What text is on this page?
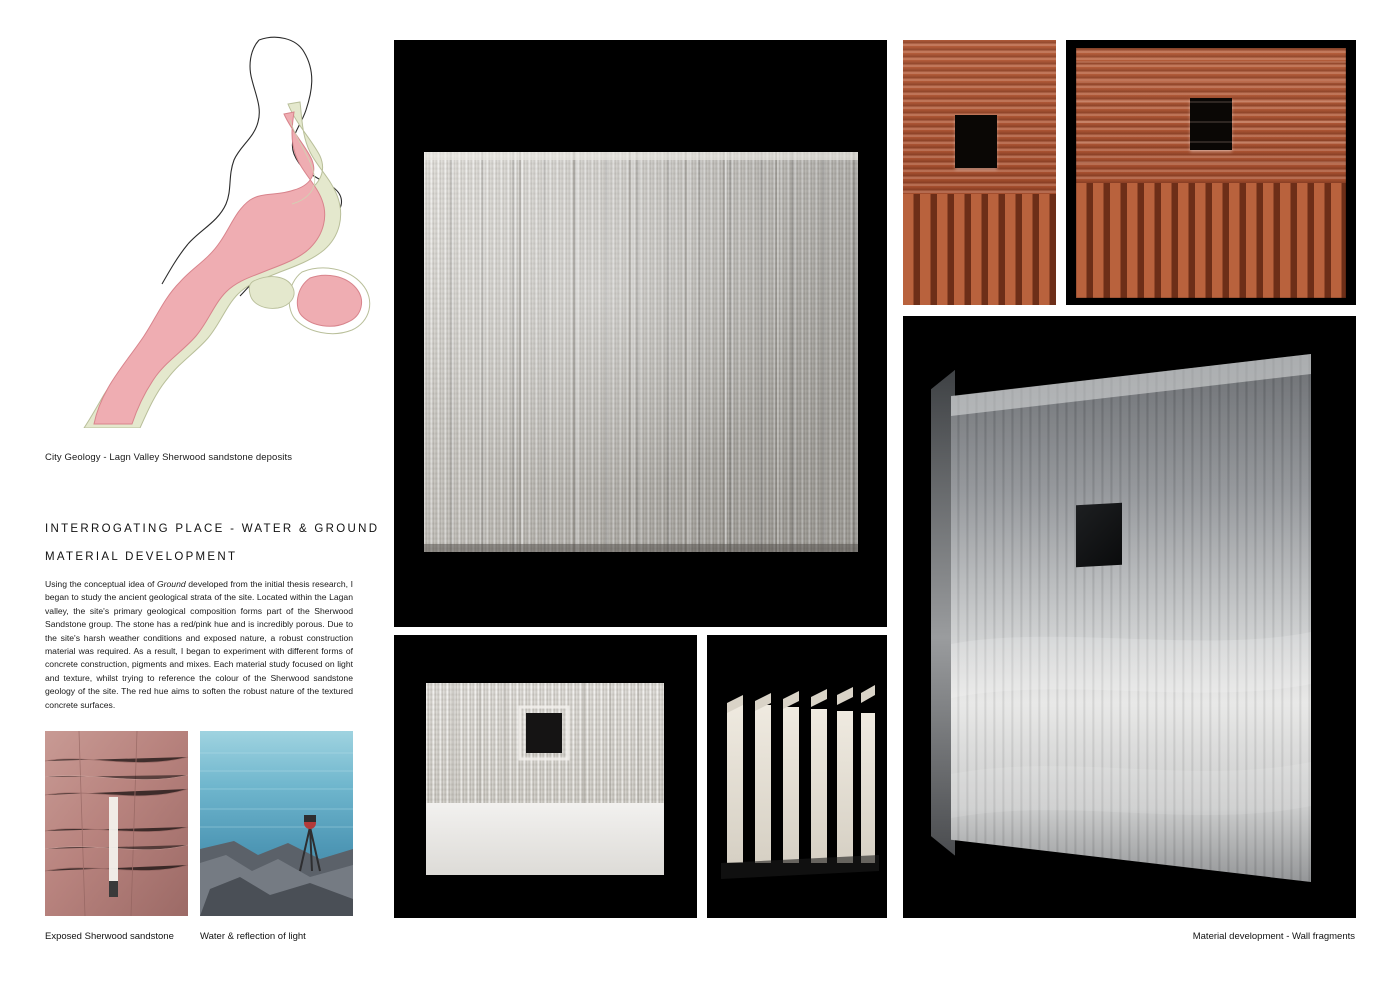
City Geology - Lagn Valley Sherwood sandstone deposits
INTERROGATING PLACE - WATER & GROUND
MATERIAL DEVELOPMENT
Using the conceptual idea of Ground developed from the initial thesis research, I began to study the ancient geological strata of the site. Located within the Lagan valley, the site's primary geological composition forms part of the Sherwood Sandstone group. The stone has a red/pink hue and is incredibly porous. Due to the site's harsh weather conditions and exposed nature, a robust construction material was required. As a result, I began to experiment with different forms of concrete construction, pigments and mixes. Each material study focused on light and texture, whilst trying to reference the colour of the Sherwood sandstone geology of the site. The red hue aims to soften the robust nature of the textured concrete surfaces.
Exposed Sherwood sandstone	Water & reflection of light	Material development - Wall fragments
